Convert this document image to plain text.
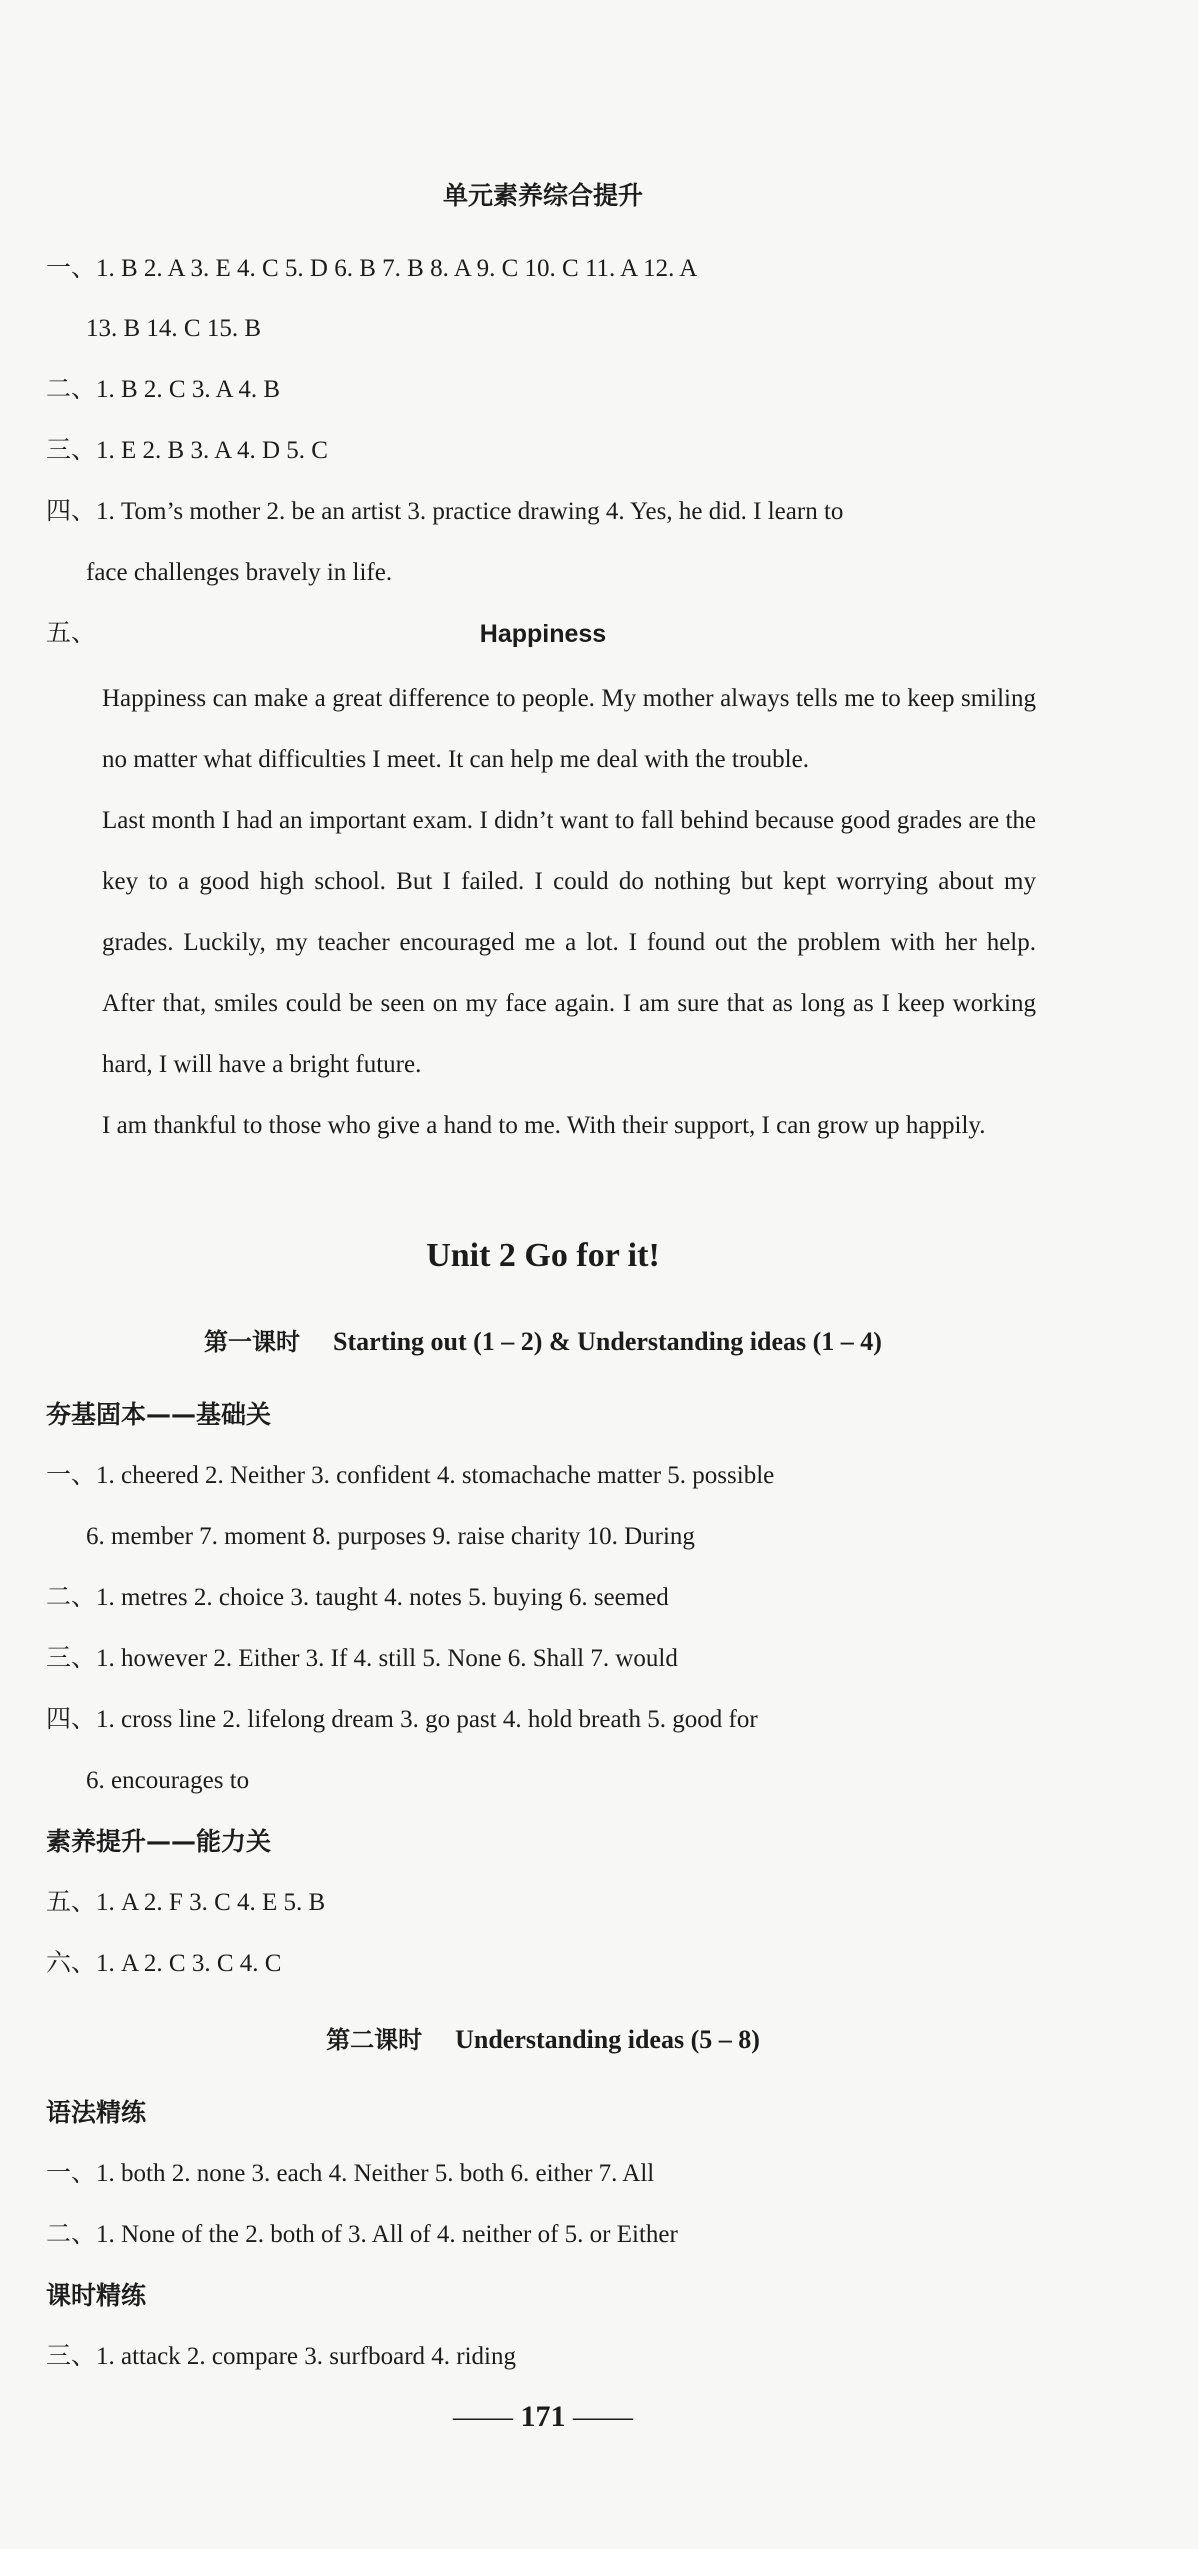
单元素养综合提升
一、1. B 2. A 3. E 4. C 5. D 6. B 7. B 8. A 9. C 10. C 11. A 12. A
13. B 14. C 15. B
二、1. B 2. C 3. A 4. B
三、1. E 2. B 3. A 4. D 5. C
四、1. Tom’s mother 2. be an artist 3. practice drawing 4. Yes, he did. I learn to
face challenges bravely in life.
五、	Happiness
Happiness can make a great difference to people. My mother always tells me to keep smiling no matter what difficulties I meet. It can help me deal with the trouble.
Last month I had an important exam. I didn’t want to fall behind because good grades are the key to a good high school. But I failed. I could do nothing but kept worrying about my grades. Luckily, my teacher encouraged me a lot. I found out the problem with her help. After that, smiles could be seen on my face again. I am sure that as long as I keep working hard, I will have a bright future.
I am thankful to those who give a hand to me. With their support, I can grow up happily.
Unit 2 Go for it!
第一课时 Starting out (1 – 2) & Understanding ideas (1 – 4)
夯基固本——基础关
一、1. cheered 2. Neither 3. confident 4. stomachache matter 5. possible
6. member 7. moment 8. purposes 9. raise charity 10. During
二、1. metres 2. choice 3. taught 4. notes 5. buying 6. seemed
三、1. however 2. Either 3. If 4. still 5. None 6. Shall 7. would
四、1. cross line 2. lifelong dream 3. go past 4. hold breath 5. good for
6. encourages to
素养提升——能力关
五、1. A 2. F 3. C 4. E 5. B
六、1. A 2. C 3. C 4. C
第二课时 Understanding ideas (5 – 8)
语法精练
一、1. both 2. none 3. each 4. Neither 5. both 6. either 7. All
二、1. None of the 2. both of 3. All of 4. neither of 5. or Either
课时精练
三、1. attack 2. compare 3. surfboard 4. riding
—— 171 ——
